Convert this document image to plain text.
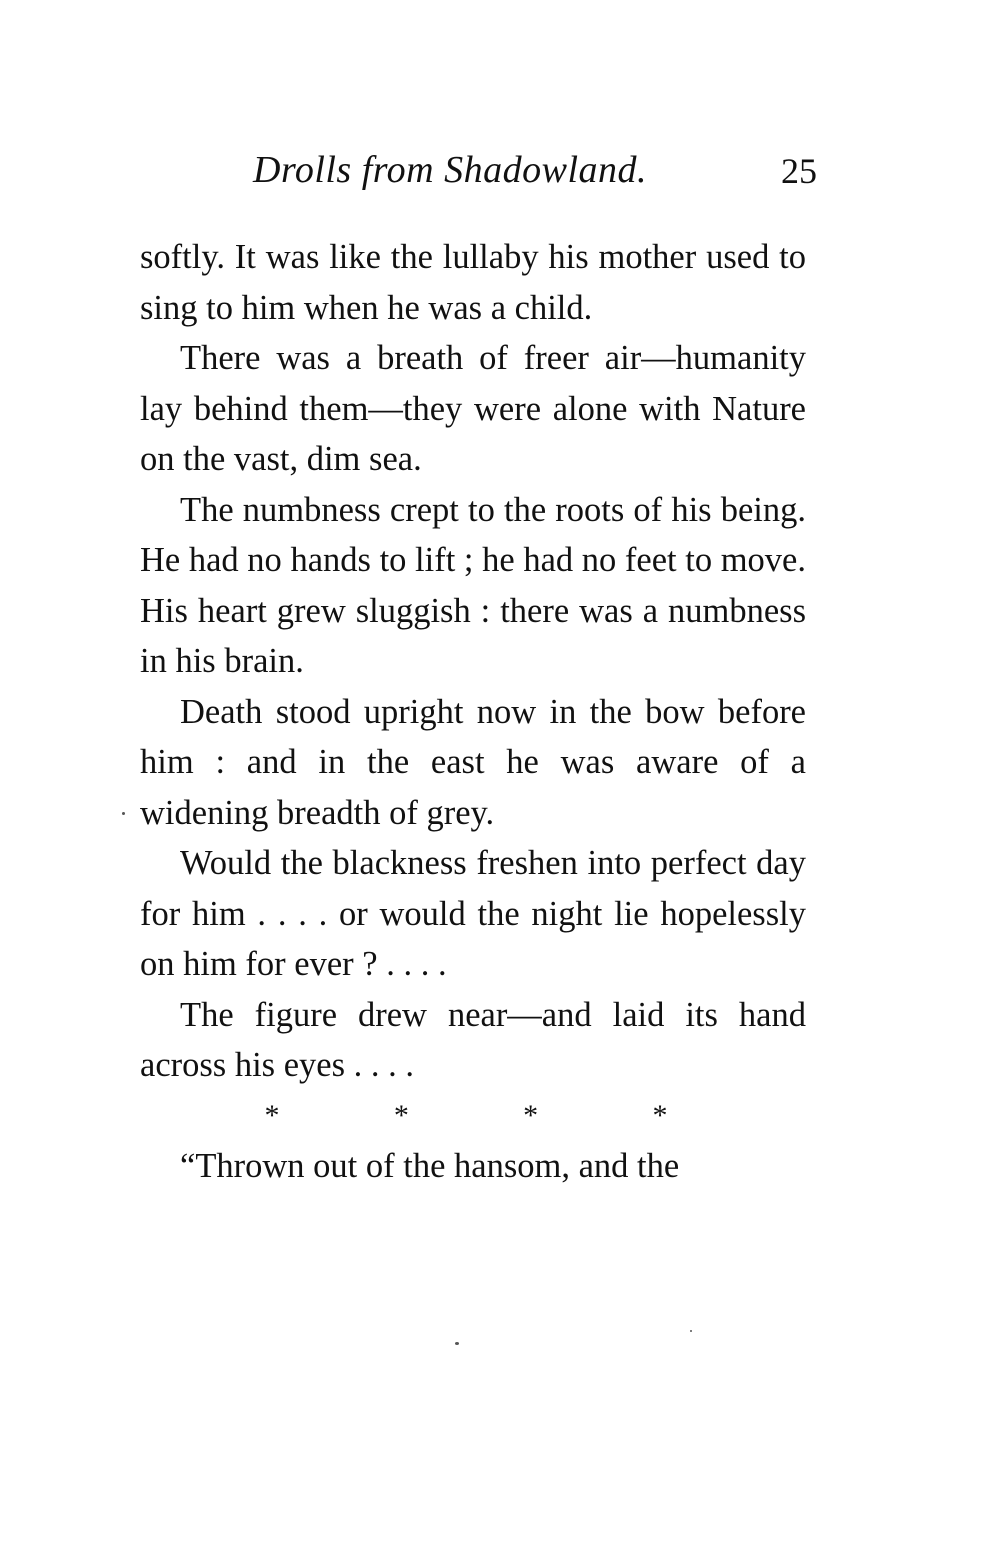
Drolls from Shadowland.	25

softly. It was like the lullaby his mother used to sing to him when he was a child.

There was a breath of freer air—humanity lay behind them—they were alone with Nature on the vast, dim sea.

The numbness crept to the roots of his being. He had no hands to lift ; he had no feet to move. His heart grew sluggish : there was a numbness in his brain.

Death stood upright now in the bow before him : and in the east he was aware of a widening breadth of grey.

Would the blackness freshen into perfect day for him . . . . or would the night lie hopelessly on him for ever ? . . . .

The figure drew near—and laid its hand across his eyes . . . .

*	*	*	*

“Thrown out of the hansom, and the
